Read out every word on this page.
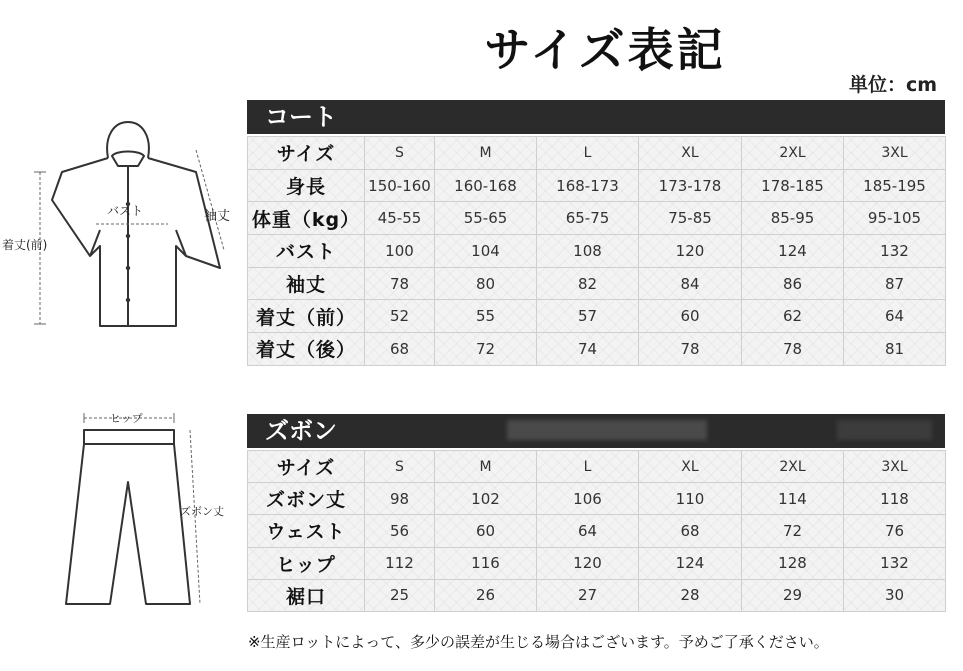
サイズ表記
単位：cm
バスト	袖丈
着丈(前)
ヒップ
ズボン丈
コート
サイズ	S	M	L	XL	2XL	3XL
身長	150-160	160-168	168-173	173-178	178-185	185-195
体重（kg）	45-55	55-65	65-75	75-85	85-95	95-105
バスト	100	104	108	120	124	132
袖丈	78	80	82	84	86	87
着丈（前）	52	55	57	60	62	64
着丈（後）	68	72	74	78	78	81
ズボン
サイズ	S	M	L	XL	2XL	3XL
ズボン丈	98	102	106	110	114	118
ウェスト	56	60	64	68	72	76
ヒップ	112	116	120	124	128	132
裾口	25	26	27	28	29	30
※生産ロットによって、多少の誤差が生じる場合はございます。予めご了承ください。
